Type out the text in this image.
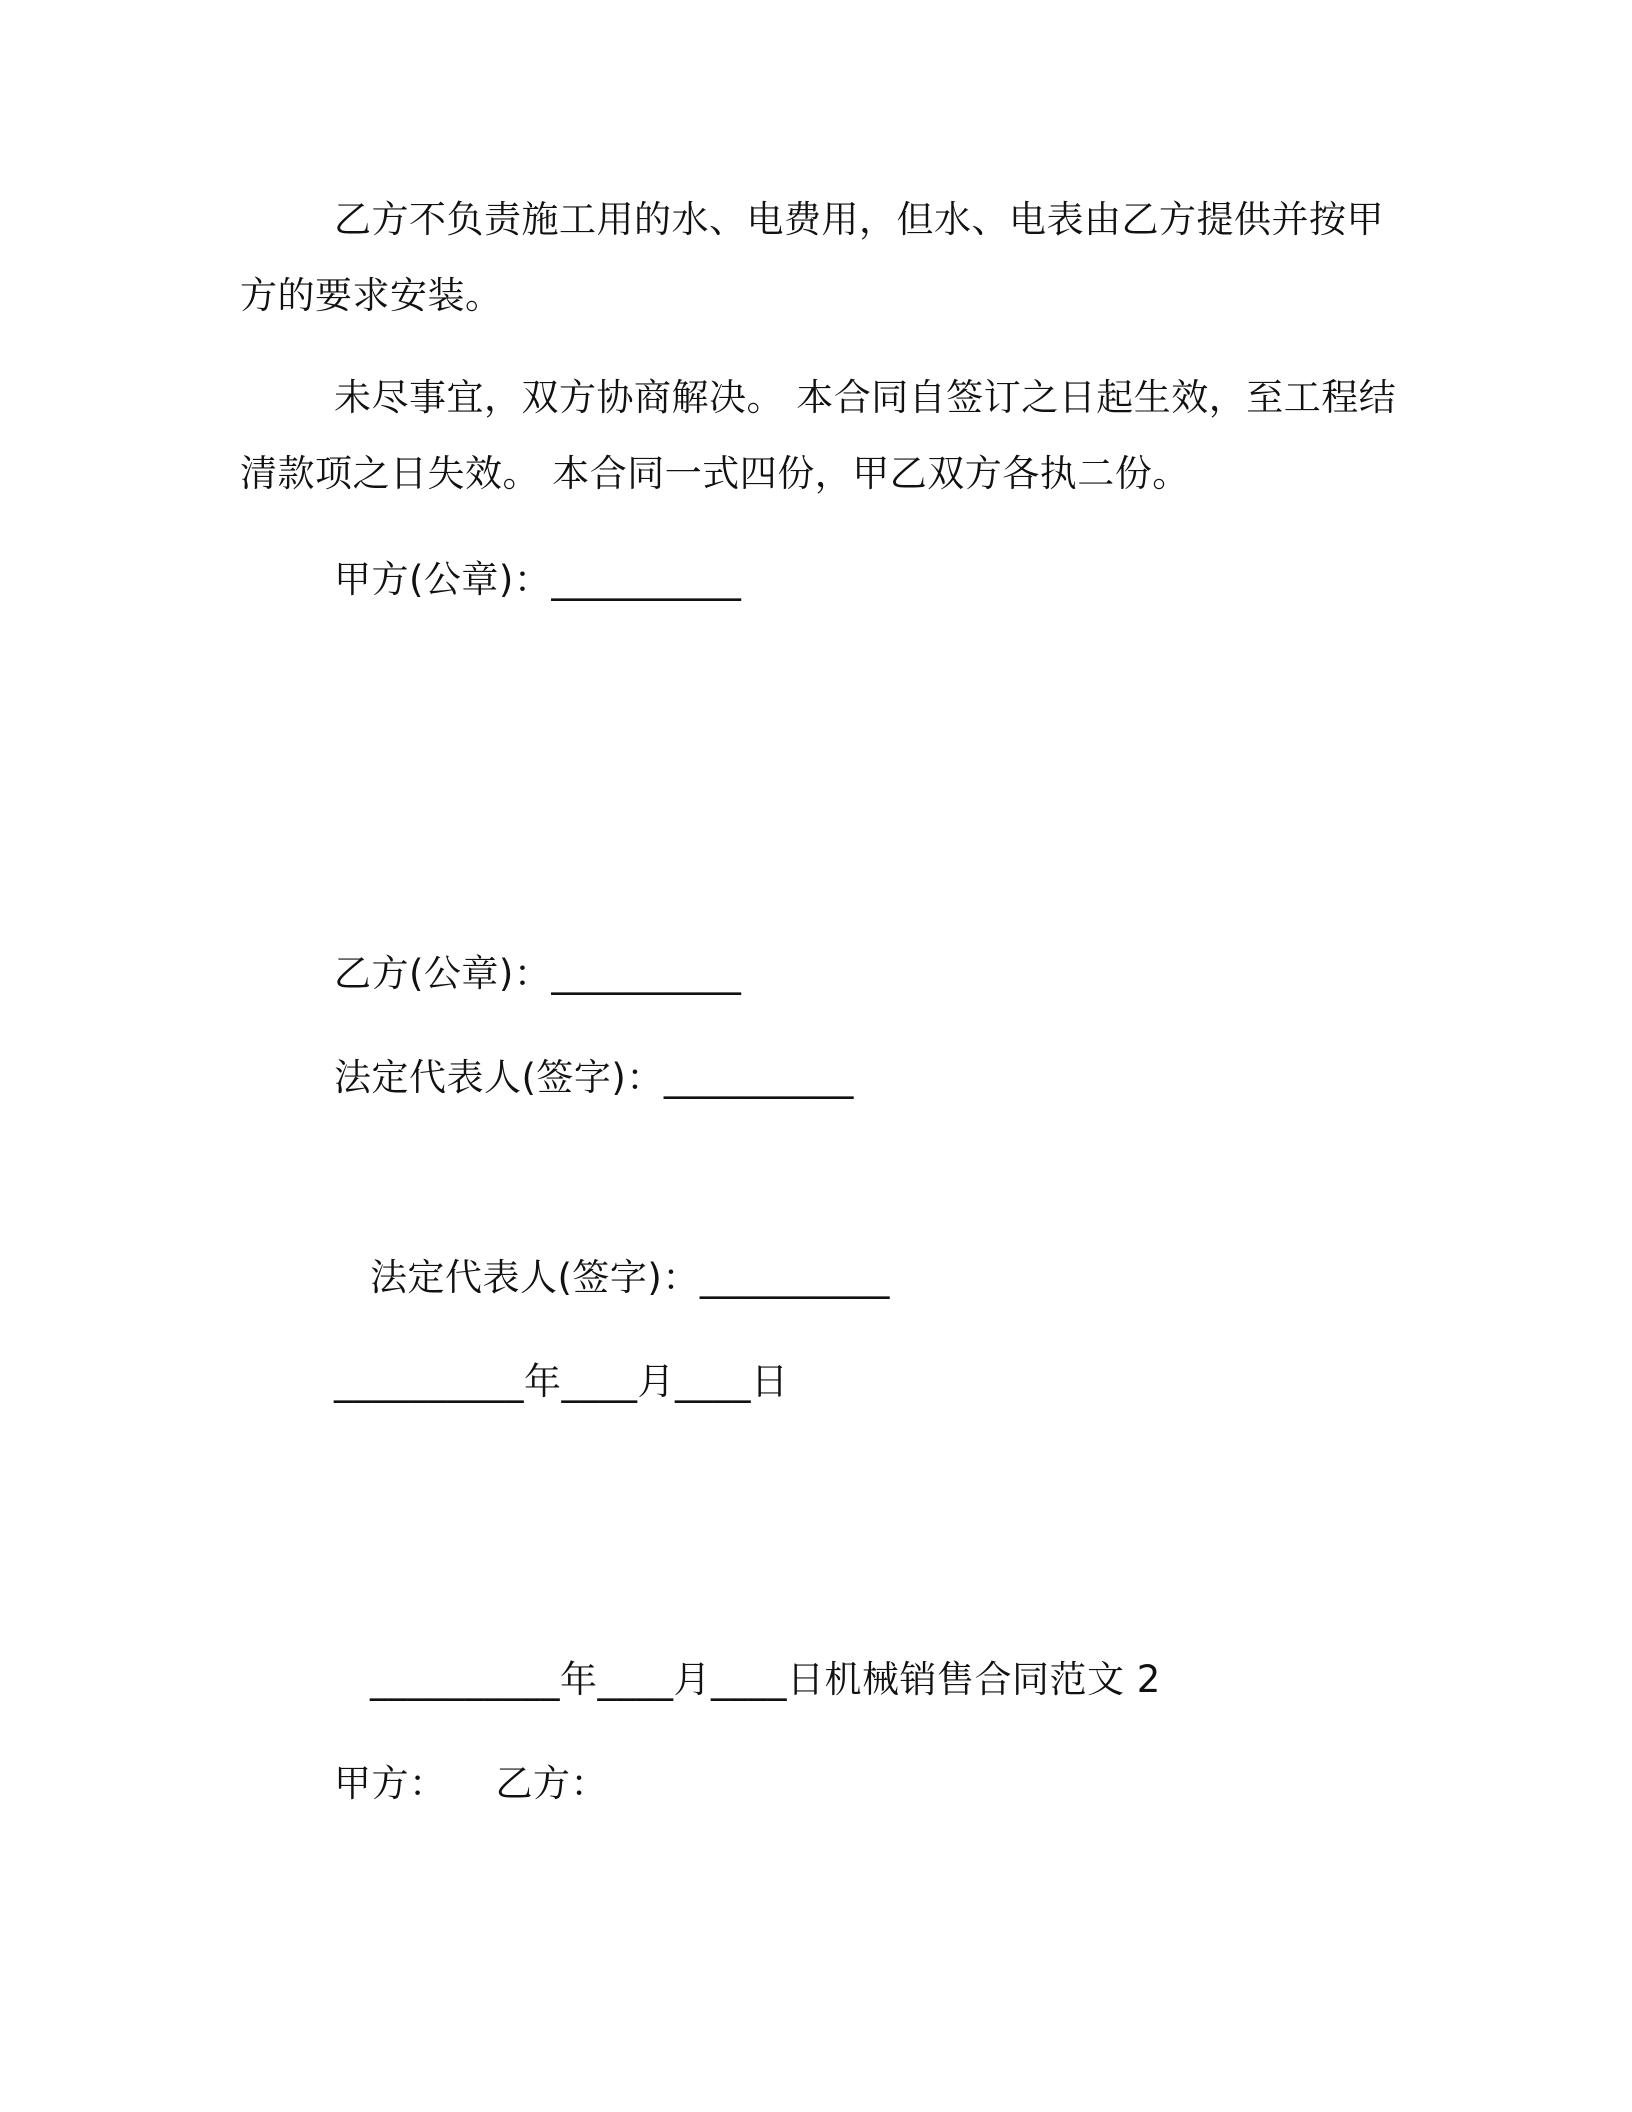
乙方不负责施工用的水、电费用，但水、电表由乙方提供并按甲
方的要求安装。
未尽事宜，双方协商解决。 本合同自签订之日起生效，至工程结
清款项之日失效。 本合同一式四份，甲乙双方各执二份。
甲方(公章)：__________
乙方(公章)：__________
法定代表人(签字)：__________
法定代表人(签字)：__________
__________年____月____日
__________年____月____日机械销售合同范文 2
甲方：    乙方：
